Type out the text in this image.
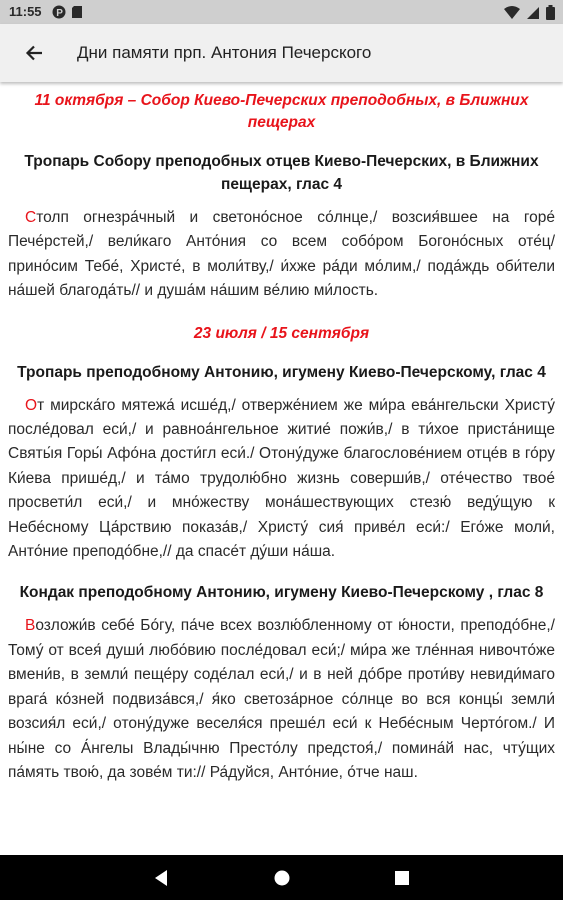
11:55 P
Дни памяти прп. Антония Печерского
11 октября – Собор Киево-Печерских преподобных, в Ближних пещерах
Тропарь Собору преподобных отцев Киево-Печерских, в Ближних пещерах, глас 4

Столп огнезра́чный и светоно́сное со́лнце,/ возсия́вшее на горе́ Пече́рстей,/ вели́каго Анто́ния со всем собо́ром Богоно́сных оте́ц/ прино́сим Тебе́, Христе́, в моли́тву,/ и́хже ра́ди мо́лим,/ пода́ждь оби́тели на́шей благода́ть// и душа́м на́шим ве́лию ми́лость.

23 июля / 15 сентября
Тропарь преподобному Антонию, игумену Киево-Печерскому, глас 4

От мирска́го мятежа́ исше́д,/ отверже́нием же ми́ра ева́нгельски Христу́ после́довал еси́,/ и равноа́нгельное житие́ пожи́в,/ в ти́хое приста́нище Святы́я Горы́ Афо́на дости́гл еси́./ Отону́дуже благослове́нием отце́в в го́ру Ки́ева прише́д,/ и та́мо трудолю́бно жизнь соверши́в,/ оте́чество твое́ просвети́л еси́,/ и мно́жеству мона́шествующих стезю́ веду́щую к Небе́сному Ца́рствию показа́в,/ Христу́ сия́ приве́л еси́:/ Его́же моли́, Анто́ние преподо́бне,// да спасе́т ду́ши на́ша.

Кондак преподобному Антонию, игумену Киево-Печерскому , глас 8

Возложи́в себе́ Бо́гу, па́че всех возлю́бленному от ю́ности, преподо́бне,/ Тому́ от всея́ души́ любо́вию после́довал еси́;/ ми́ра же тле́нная нивочто́же вмени́в, в земли́ пеще́ру соде́лал еси́,/ и в ней до́бре проти́ву невиди́маго врага́ ко́зней подвиза́вся,/ я́ко светоза́рное со́лнце во вся концы́ земли́ возсия́л еси́,/ отону́дуже веселя́ся преше́л еси́ к Небе́сным Черто́гом./ И ны́не со А́нгелы Влады́чню Престо́лу предстоя́,/ помина́й нас, чту́щих па́мять твою́, да зове́м ти:// Ра́дуйся, Анто́ние, о́тче наш.
